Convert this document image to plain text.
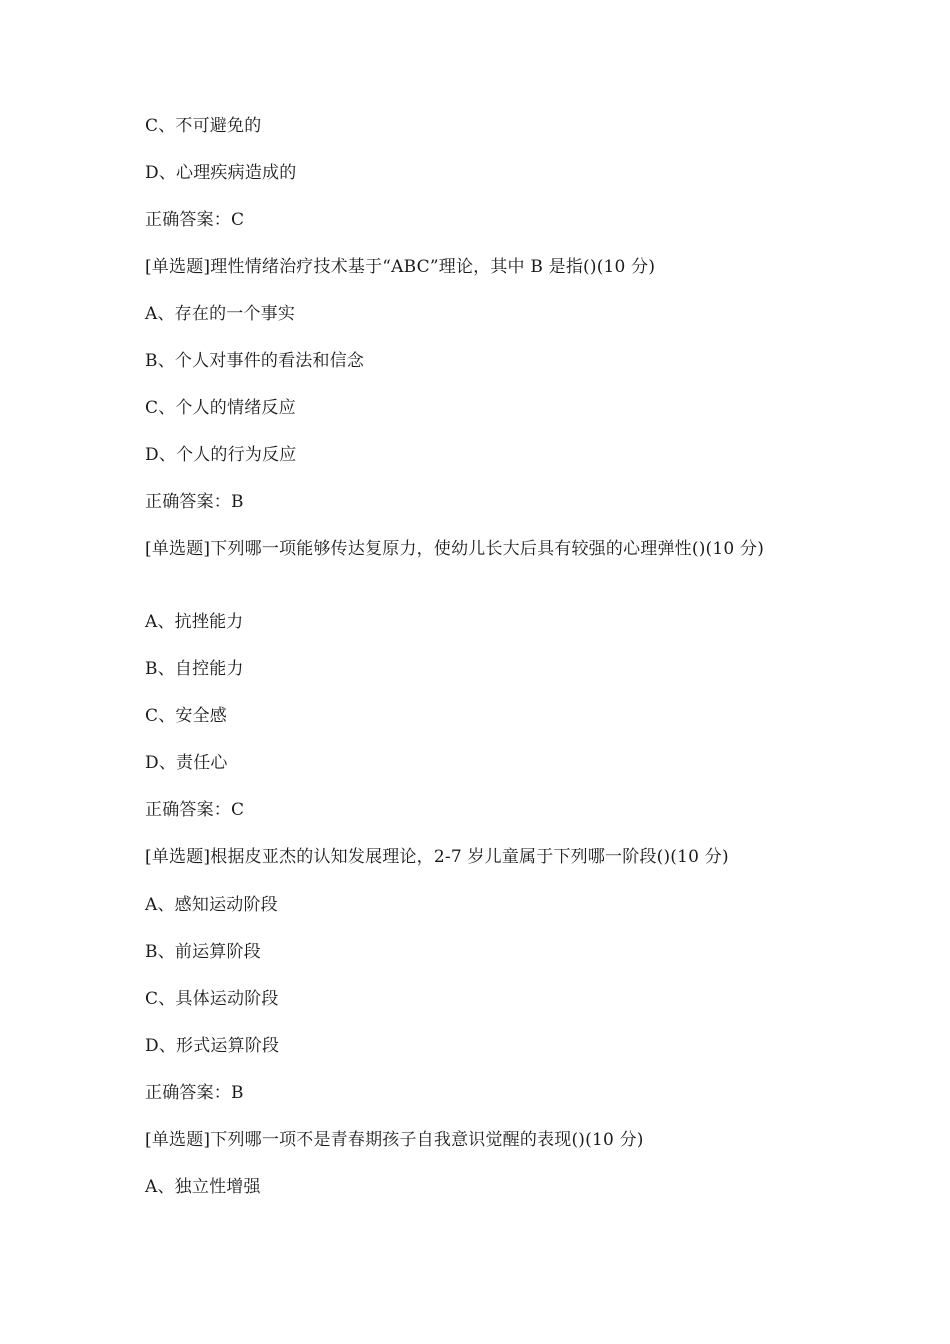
C、不可避免的
D、心理疾病造成的
正确答案：C
[单选题]理性情绪治疗技术基于“ABC”理论，其中 B 是指()(10 分)
A、存在的一个事实
B、个人对事件的看法和信念
C、个人的情绪反应
D、个人的行为反应
正确答案：B
[单选题]下列哪一项能够传达复原力，使幼儿长大后具有较强的心理弹性()(10 分)
A、抗挫能力
B、自控能力
C、安全感
D、责任心
正确答案：C
[单选题]根据皮亚杰的认知发展理论，2-7 岁儿童属于下列哪一阶段()(10 分)
A、感知运动阶段
B、前运算阶段
C、具体运动阶段
D、形式运算阶段
正确答案：B
[单选题]下列哪一项不是青春期孩子自我意识觉醒的表现()(10 分)
A、独立性增强
